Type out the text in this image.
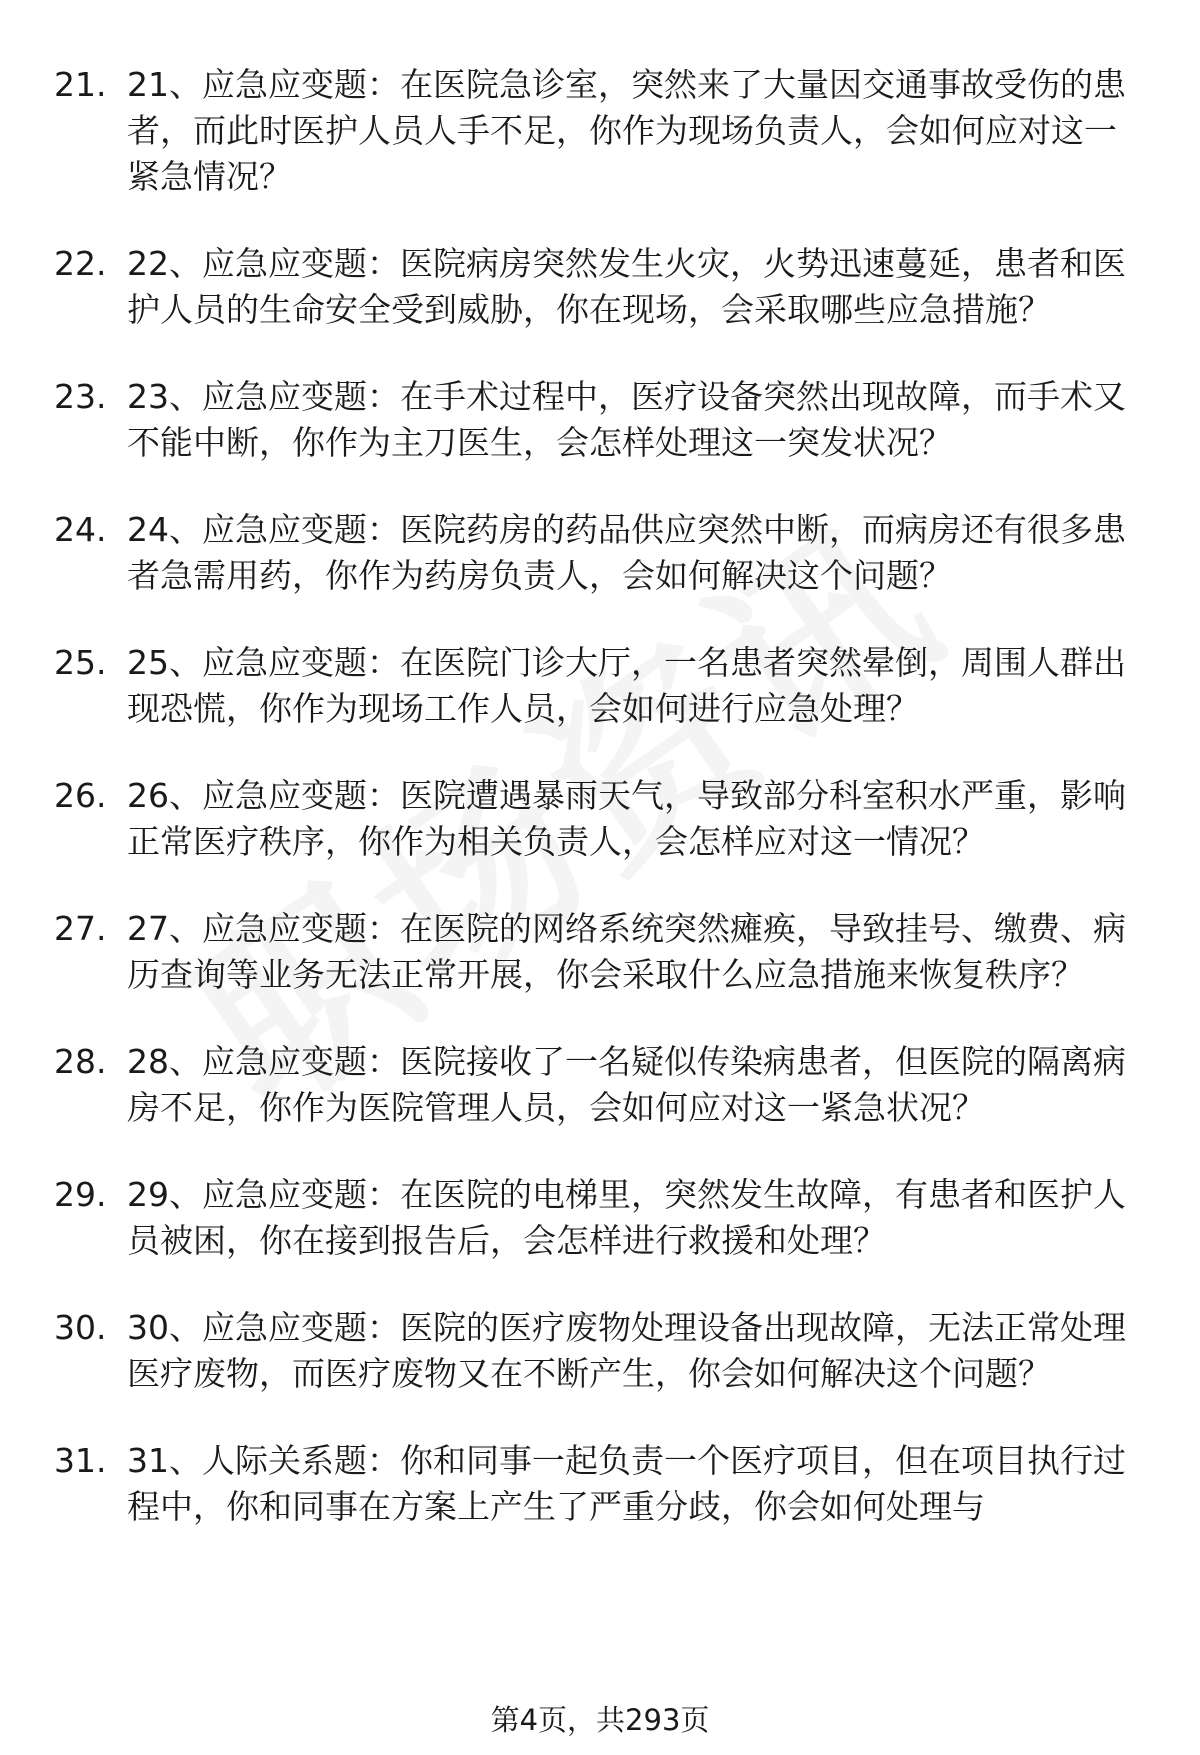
21. 21、应急应变题：在医院急诊室，突然来了大量因交通事故受伤的患者，而此时医护人员人手不足，你作为现场负责人，会如何应对这一紧急情况？
22. 22、应急应变题：医院病房突然发生火灾，火势迅速蔓延，患者和医护人员的生命安全受到威胁，你在现场，会采取哪些应急措施？
23. 23、应急应变题：在手术过程中，医疗设备突然出现故障，而手术又不能中断，你作为主刀医生，会怎样处理这一突发状况？
24. 24、应急应变题：医院药房的药品供应突然中断，而病房还有很多患者急需用药，你作为药房负责人，会如何解决这个问题？
25. 25、应急应变题：在医院门诊大厅，一名患者突然晕倒，周围人群出现恐慌，你作为现场工作人员，会如何进行应急处理？
26. 26、应急应变题：医院遭遇暴雨天气，导致部分科室积水严重，影响正常医疗秩序，你作为相关负责人，会怎样应对这一情况？
27. 27、应急应变题：在医院的网络系统突然瘫痪，导致挂号、缴费、病历查询等业务无法正常开展，你会采取什么应急措施来恢复秩序？
28. 28、应急应变题：医院接收了一名疑似传染病患者，但医院的隔离病房不足，你作为医院管理人员，会如何应对这一紧急状况？
29. 29、应急应变题：在医院的电梯里，突然发生故障，有患者和医护人员被困，你在接到报告后，会怎样进行救援和处理？
30. 30、应急应变题：医院的医疗废物处理设备出现故障，无法正常处理医疗废物，而医疗废物又在不断产生，你会如何解决这个问题？
31. 31、人际关系题：你和同事一起负责一个医疗项目，但在项目执行过程中，你和同事在方案上产生了严重分歧，你会如何处理与
第4页，共293页
